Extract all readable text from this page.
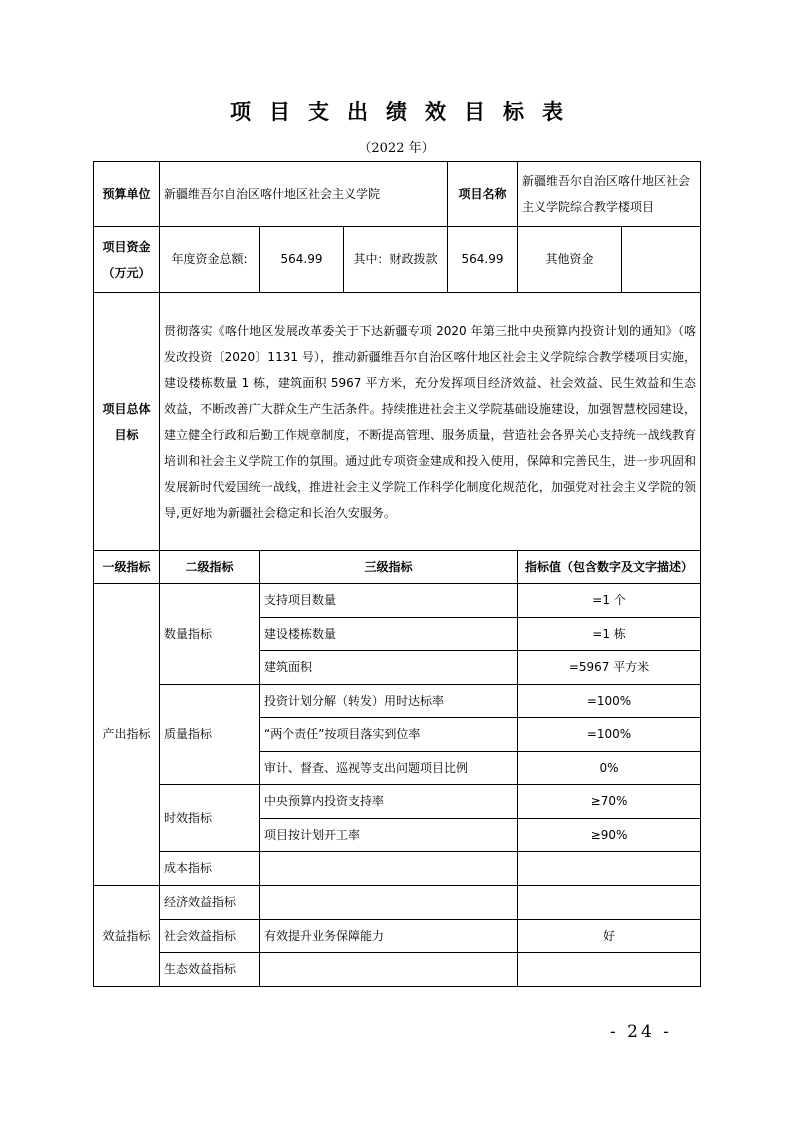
项目支出绩效目标表
（2022 年）
预算单位	新疆维吾尔自治区喀什地区社会主义学院			项目名称	新疆维吾尔自治区喀什地区社会主义学院综合教学楼项目	
项目资金
（万元）	年度资金总额:	564.99	其中：财政拨款	564.99	其他资金	
项目总体目标	贯彻落实《喀什地区发展改革委关于下达新疆专项 2020 年第三批中央预算内投资计划的通知》（喀发改投资〔2020〕1131 号），推动新疆维吾尔自治区喀什地区社会主义学院综合教学楼项目实施，建设楼栋数量 1 栋，建筑面积 5967 平方米，充分发挥项目经济效益、社会效益、民生效益和生态效益，不断改善广大群众生产生活条件。持续推进社会主义学院基础设施建设，加强智慧校园建设，建立健全行政和后勤工作规章制度，不断提高管理、服务质量，营造社会各界关心支持统一战线教育培训和社会主义学院工作的氛围。通过此专项资金建成和投入使用，保障和完善民生，进一步巩固和发展新时代爱国统一战线，推进社会主义学院工作科学化制度化规范化，加强党对社会主义学院的领导,更好地为新疆社会稳定和长治久安服务。					
一级指标	二级指标	三级指标			指标值（包含数字及文字描述）	
产出指标	数量指标	支持项目数量			=1 个	
		建设楼栋数量			=1 栋	
		建筑面积			=5967 平方米	
	质量指标	投资计划分解（转发）用时达标率			=100%	
		“两个责任”按项目落实到位率			=100%	
		审计、督查、巡视等支出问题项目比例			0%	
	时效指标	中央预算内投资支持率			≥70%	
		项目按计划开工率			≥90%	
	成本指标					
效益指标	经济效益指标					
	社会效益指标	有效提升业务保障能力			好	
	生态效益指标					
- 24 -
